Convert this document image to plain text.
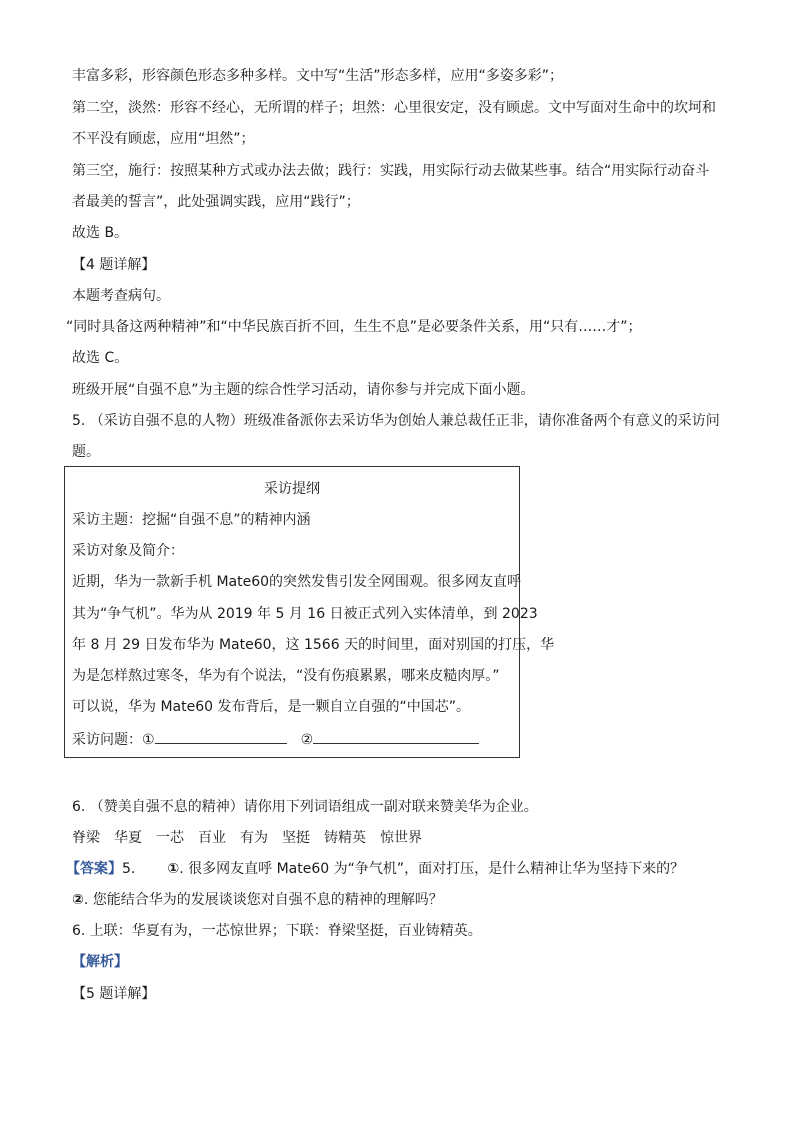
丰富多彩，形容颜色形态多种多样。文中写“生活”形态多样，应用“多姿多彩”；
第二空，淡然：形容不经心，无所谓的样子；坦然：心里很安定，没有顾虑。文中写面对生命中的坎坷和
不平没有顾虑，应用“坦然”；
第三空，施行：按照某种方式或办法去做；践行：实践，用实际行动去做某些事。结合“用实际行动奋斗
者最美的誓言”，此处强调实践，应用“践行”；
故选 B。
【4 题详解】
本题考查病句。
“同时具备这两种精神”和“中华民族百折不回，生生不息”是必要条件关系，用“只有……才”；
故选 C。
班级开展“自强不息”为主题的综合性学习活动，请你参与并完成下面小题。
5. （采访自强不息的人物）班级准备派你去采访华为创始人兼总裁任正非，请你准备两个有意义的采访问
题。
采访提纲
采访主题：挖掘“自强不息”的精神内涵
采访对象及简介：
近期，华为一款新手机 Mate60的突然发售引发全网围观。很多网友直呼
其为“争气机”。华为从 2019 年 5 月 16 日被正式列入实体清单，到 2023
年 8 月 29 日发布华为 Mate60，这 1566 天的时间里，面对别国的打压，华
为是怎样熬过寒冬，华为有个说法，“没有伤痕累累，哪来皮糙肉厚。”
可以说，华为 Mate60 发布背后，是一颗自立自强的“中国芯”。
采访问题：①	②
6. （赞美自强不息的精神）请你用下列词语组成一副对联来赞美华为企业。
脊梁 华夏 一芯 百业 有为 坚挺 铸精英 惊世界
【答案】5. ①. 很多网友直呼 Mate60 为“争气机”，面对打压，是什么精神让华为坚持下来的？
②. 您能结合华为的发展谈谈您对自强不息的精神的理解吗？
6. 上联：华夏有为，一芯惊世界；下联：脊梁坚挺，百业铸精英。
【解析】
【5 题详解】
